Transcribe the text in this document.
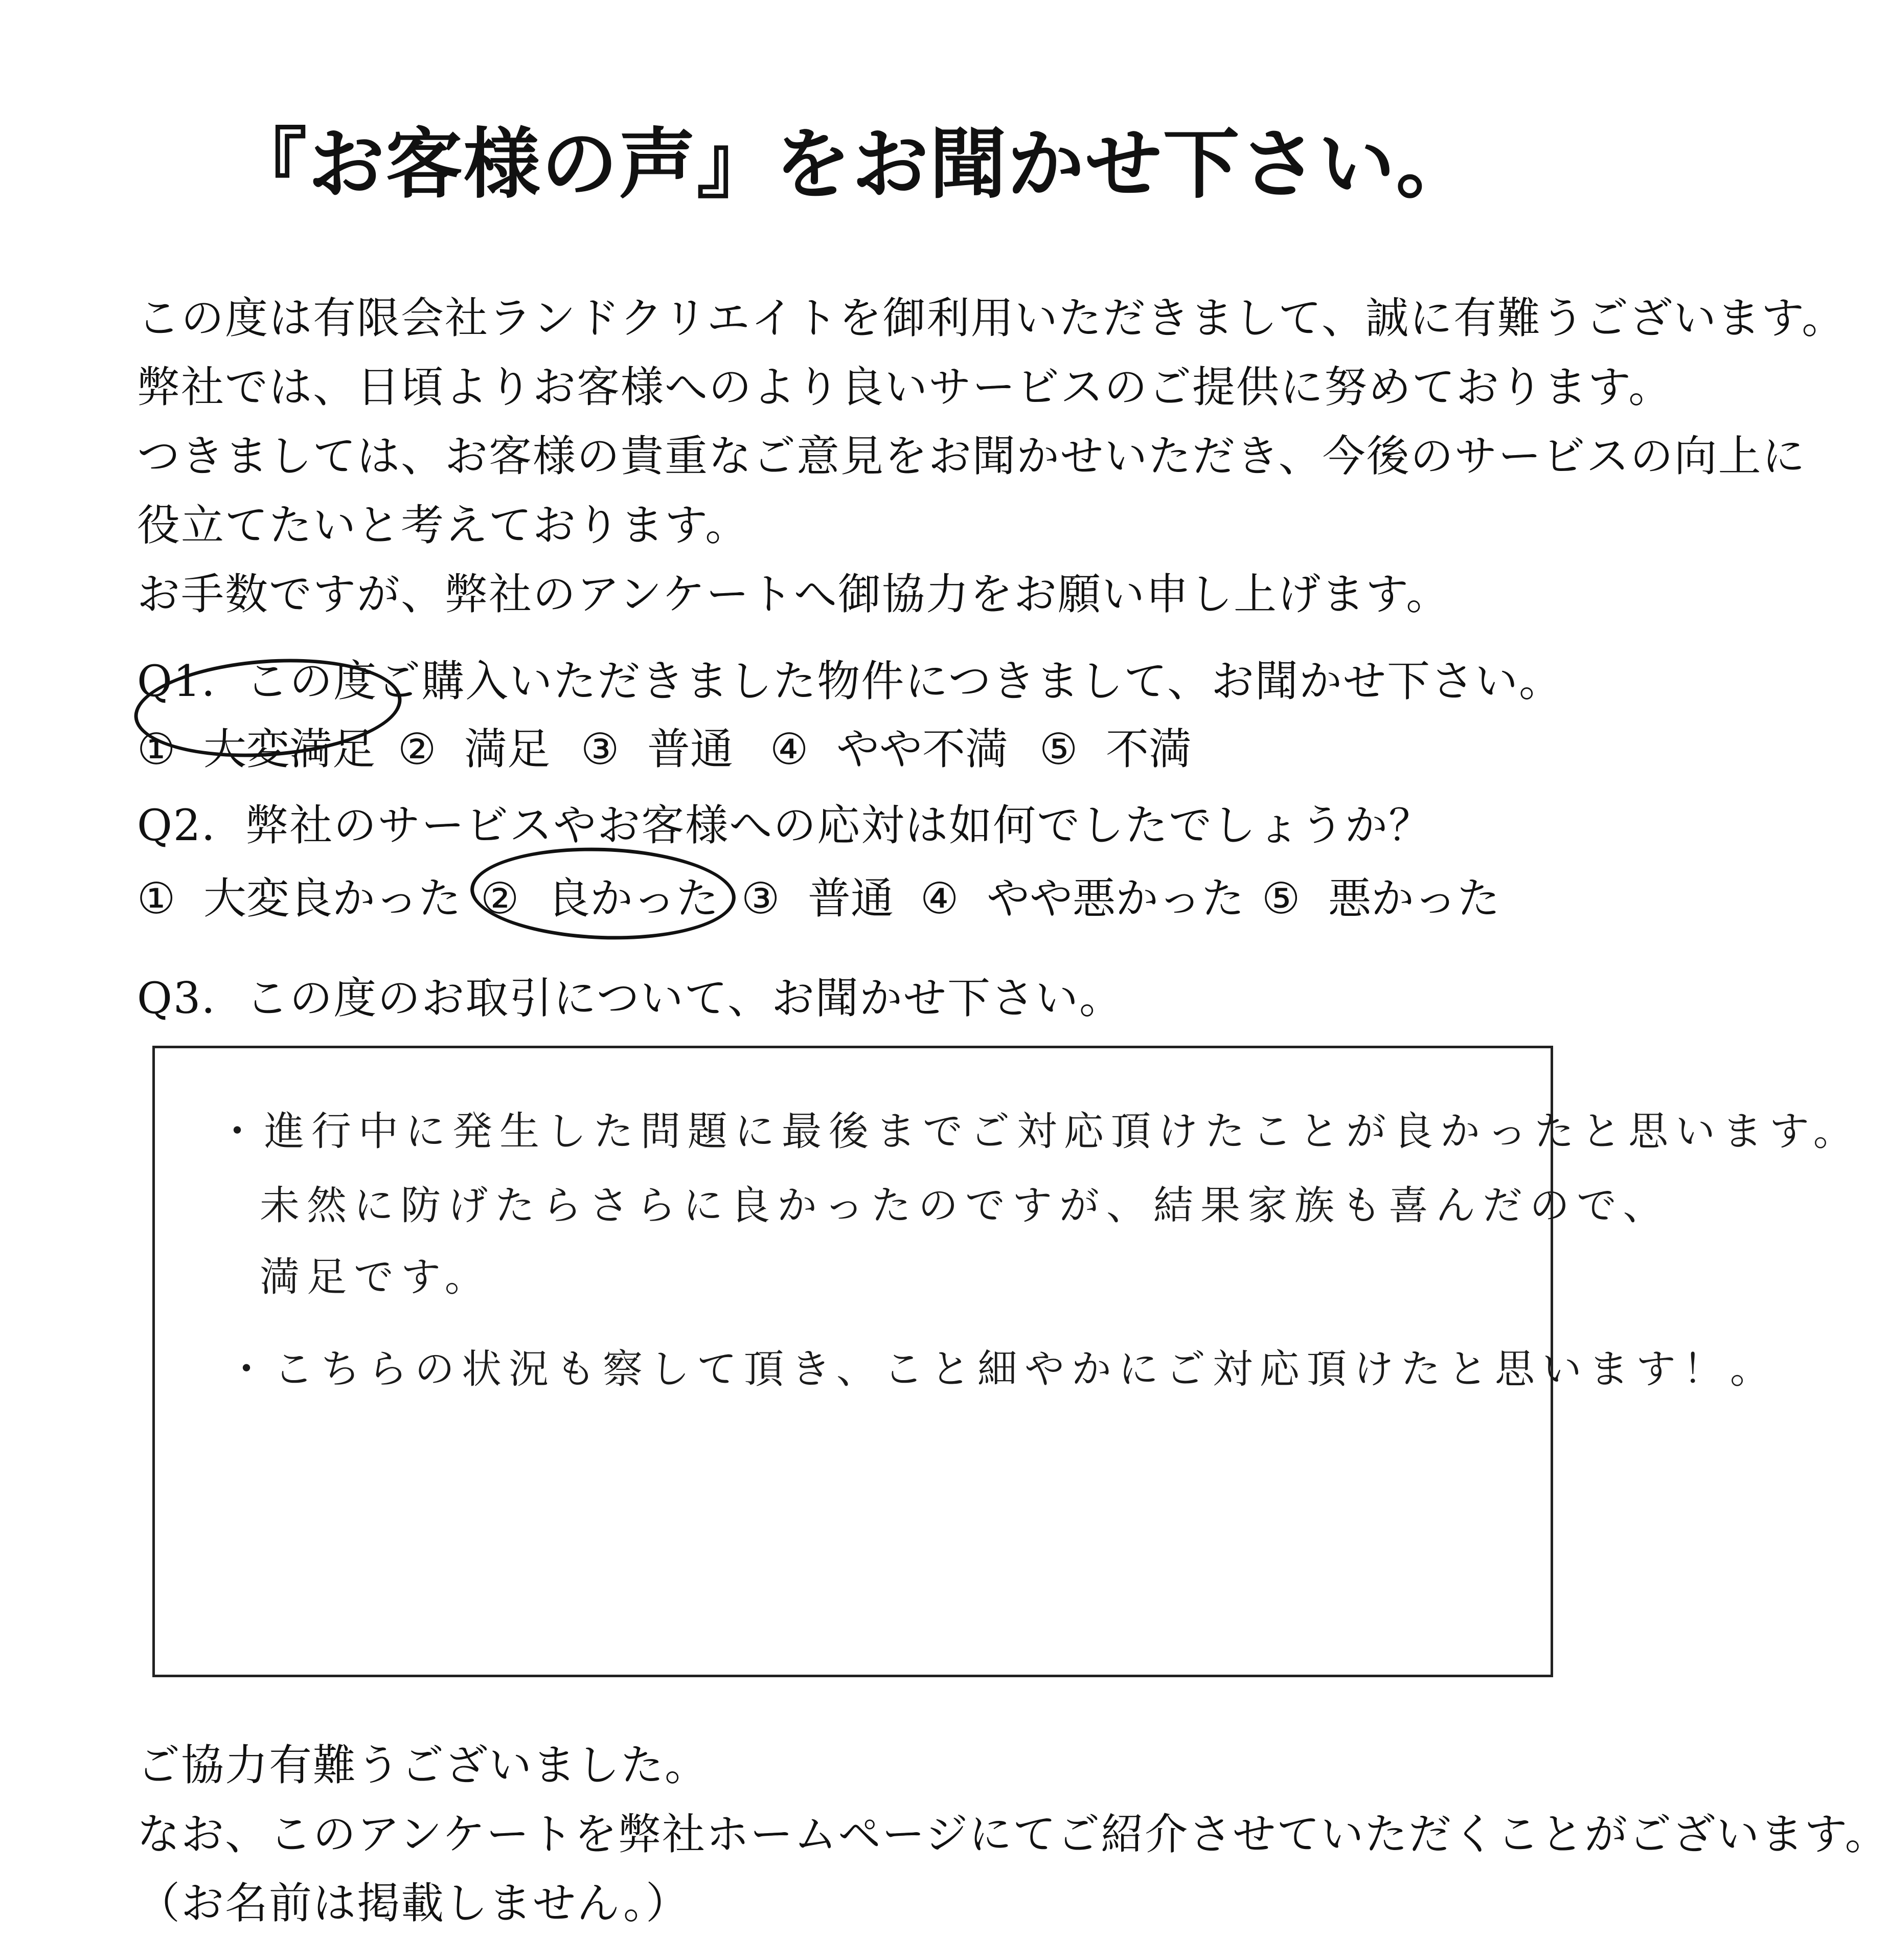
『お客様の声』をお聞かせ下さい。
この度は有限会社ランドクリエイトを御利用いただきまして、誠に有難うございます。
弊社では、日頃よりお客様へのより良いサービスのご提供に努めております。
つきましては、お客様の貴重なご意見をお聞かせいただき、今後のサービスの向上に
役立てたいと考えております。
お手数ですが、弊社のアンケートへ御協力をお願い申し上げます。
Q1．この度ご購入いただきました物件につきまして、お聞かせ下さい。
① 大変満足 ② 満足 ③ 普通 ④ やや不満 ⑤ 不満
Q2．弊社のサービスやお客様への応対は如何でしたでしょうか？
① 大変良かった ② 良かった ③ 普通 ④ やや悪かった ⑤ 悪かった
Q3．この度のお取引について、お聞かせ下さい。
・進行中に発生した問題に最後までご対応頂けたことが良かったと思います。
未然に防げたらさらに良かったのですが、結果家族も喜んだので、
満足です。
・こちらの状況も察して頂き、こと細やかにご対応頂けたと思います！。
ご協力有難うございました。
なお、このアンケートを弊社ホームページにてご紹介させていただくことがございます。
（お名前は掲載しません。）
